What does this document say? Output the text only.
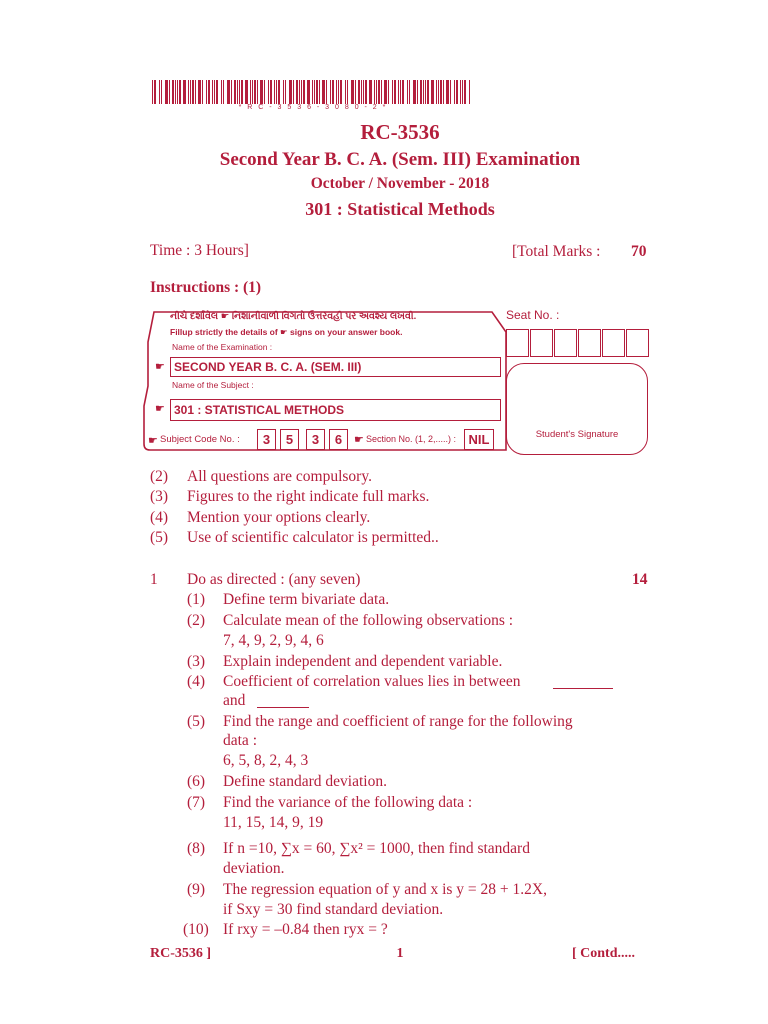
* R C - 3 5 3 6 - 3 0 8 0 - 2 *
RC-3536
Second Year B. C. A. (Sem. III) Examination
October / November - 2018
301 : Statistical Methods
Time : 3 Hours]	[Total Marks : 70
Instructions : (1)
નીચે દર્શાવેલ ☛ નિશાનીવાળી વિગતો ઉત્તરવહી પર અવશ્ય લખવી.
Fillup strictly the details of ☛ signs on your answer book.
Name of the Examination :
☛ SECOND YEAR B. C. A. (SEM. III)
Name of the Subject :
☛ 301 : STATISTICAL METHODS
☛ Subject Code No. :	3	5	3	6	☛ Section No. (1, 2,.....) : NIL
Seat No. :
Student's Signature
(2) All questions are compulsory.
(3) Figures to the right indicate full marks.
(4) Mention your options clearly.
(5) Use of scientific calculator is permitted..
1 Do as directed : (any seven)	14
(1) Define term bivariate data.
(2) Calculate mean of the following observations :
7, 4, 9, 2, 9, 4, 6
(3) Explain independent and dependent variable.
(4) Coefficient of correlation values lies in between
and
(5) Find the range and coefficient of range for the following
data :
6, 5, 8, 2, 4, 3
(6) Define standard deviation.
(7) Find the variance of the following data :
11, 15, 14, 9, 19
(8) If n =10, ∑x = 60, ∑x² = 1000, then find standard
deviation.
(9) The regression equation of y and x is y = 28 + 1.2X,
if Sxy = 30 find standard deviation.
(10) If rxy = –0.84 then ryx = ?
RC-3536 ]	1	[ Contd.....
